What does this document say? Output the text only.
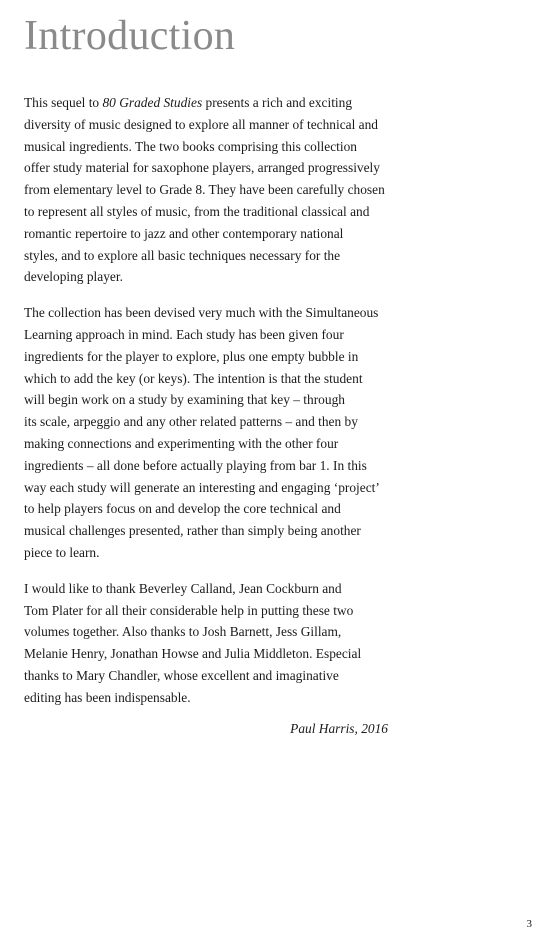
Introduction

This sequel to 80 Graded Studies presents a rich and exciting
diversity of music designed to explore all manner of technical and
musical ingredients. The two books comprising this collection
offer study material for saxophone players, arranged progressively
from elementary level to Grade 8. They have been carefully chosen
to represent all styles of music, from the traditional classical and
romantic repertoire to jazz and other contemporary national
styles, and to explore all basic techniques necessary for the
developing player.

The collection has been devised very much with the Simultaneous
Learning approach in mind. Each study has been given four
ingredients for the player to explore, plus one empty bubble in
which to add the key (or keys). The intention is that the student
will begin work on a study by examining that key – through
its scale, arpeggio and any other related patterns – and then by
making connections and experimenting with the other four
ingredients – all done before actually playing from bar 1. In this
way each study will generate an interesting and engaging ‘project’
to help players focus on and develop the core technical and
musical challenges presented, rather than simply being another
piece to learn.

I would like to thank Beverley Calland, Jean Cockburn and
Tom Plater for all their considerable help in putting these two
volumes together. Also thanks to Josh Barnett, Jess Gillam,
Melanie Henry, Jonathan Howse and Julia Middleton. Especial
thanks to Mary Chandler, whose excellent and imaginative
editing has been indispensable.

Paul Harris, 2016
3
